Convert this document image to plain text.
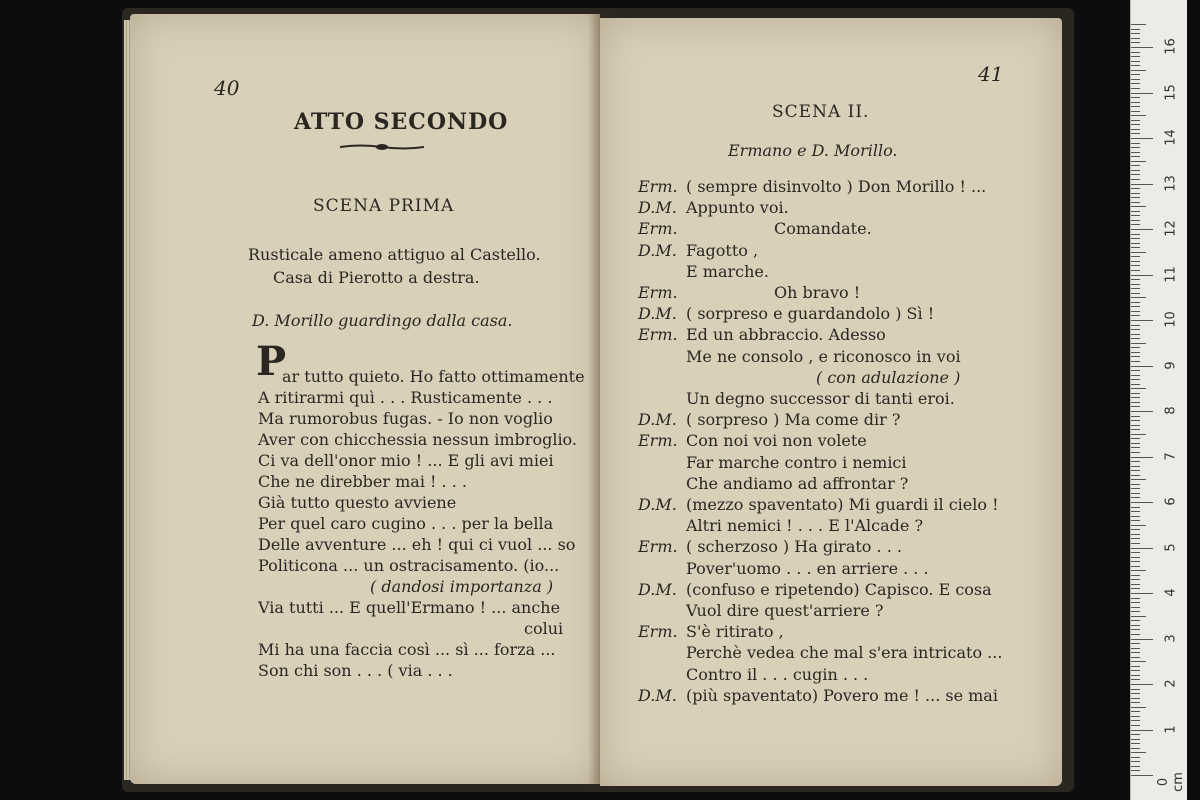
40
ATTO SECONDO
SCENA PRIMA
Rusticale ameno attiguo al Castello.
Casa di Pierotto a destra.
D. Morillo guardingo dalla casa.
P
ar tutto quieto. Ho fatto ottimamente
A ritirarmi quì . . . Rusticamente . . .
Ma rumorobus fugas. - Io non voglio
Aver con chicchessia nessun imbroglio.
Ci va dell'onor mio ! ... E gli avi miei
Che ne direbber mai ! . . .
Già tutto questo avviene
Per quel caro cugino . . . per la bella
Delle avventure ... eh ! qui ci vuol ... so
Politicona ... un ostracisamento. (io...
( dandosi importanza )
Via tutti ... E quell'Ermano ! ... anche
colui
Mi ha una faccia così ... sì ... forza ...
Son chi son . . . ( via . . .
41
SCENA II.
Ermano e D. Morillo.
Erm. ( sempre disinvolto ) Don Morillo ! ...
D.M. Appunto voi.
Erm.	Comandate.
D.M. Fagotto ,
E marche.
Erm.	Oh bravo !
D.M. ( sorpreso e guardandolo ) Sì !
Erm. Ed un abbraccio. Adesso
Me ne consolo , e riconosco in voi
( con adulazione )
Un degno successor di tanti eroi.
D.M. ( sorpreso ) Ma come dir ?
Erm. Con noi voi non volete
Far marche contro i nemici
Che andiamo ad affrontar ?
D.M. (mezzo spaventato) Mi guardi il cielo !
Altri nemici ! . . . E l'Alcade ?
Erm. ( scherzoso ) Ha girato . . .
Pover'uomo . . . en arriere . . .
D.M. (confuso e ripetendo) Capisco. E cosa
Vuol dire quest'arriere ?
Erm. S'è ritirato ,
Perchè vedea che mal s'era intricato ...
Contro il . . . cugin . . .
D.M. (più spaventato) Povero me ! ... se mai
0 cm
1
2
3
4
5
6
7
8
9
10
11
12
13
14
15
16
